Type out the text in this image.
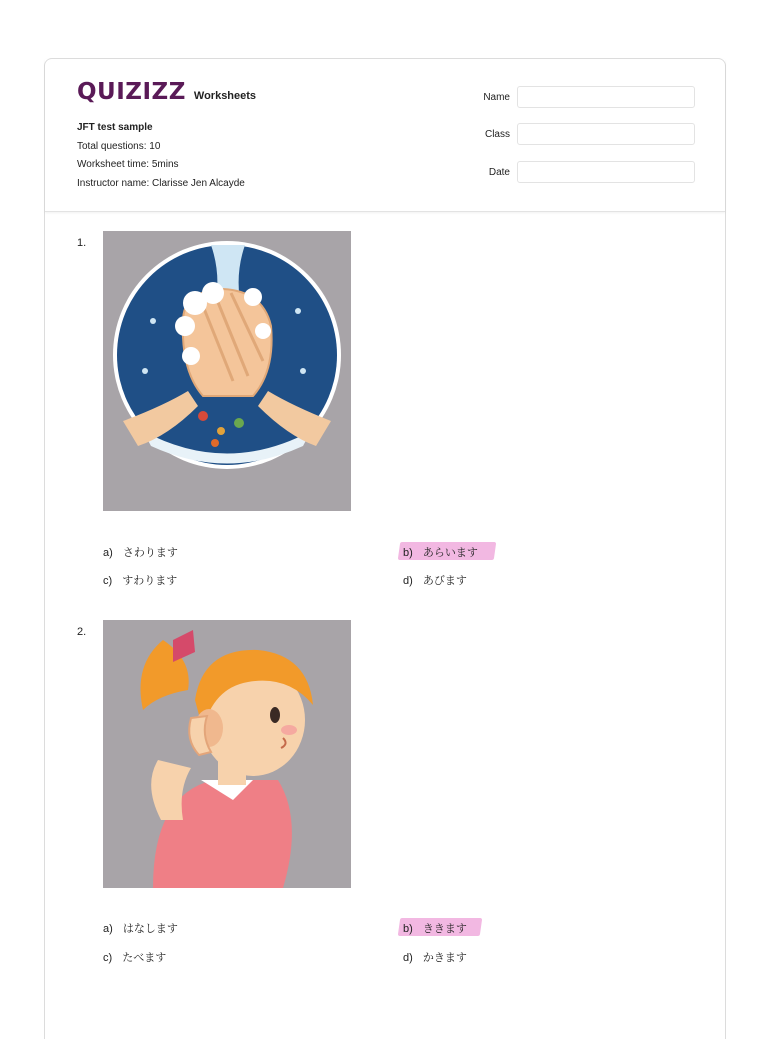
QUIZIZZ Worksheets
JFT test sample
Total questions: 10
Worksheet time: 5mins
Instructor name: Clarisse Jen Alcayde
Name
Class
Date
1.
a) さわります	b) あらいます
c) すわります	d) あびます
2.
a) はなします	b) ききます
c) たべます	d) かきます
